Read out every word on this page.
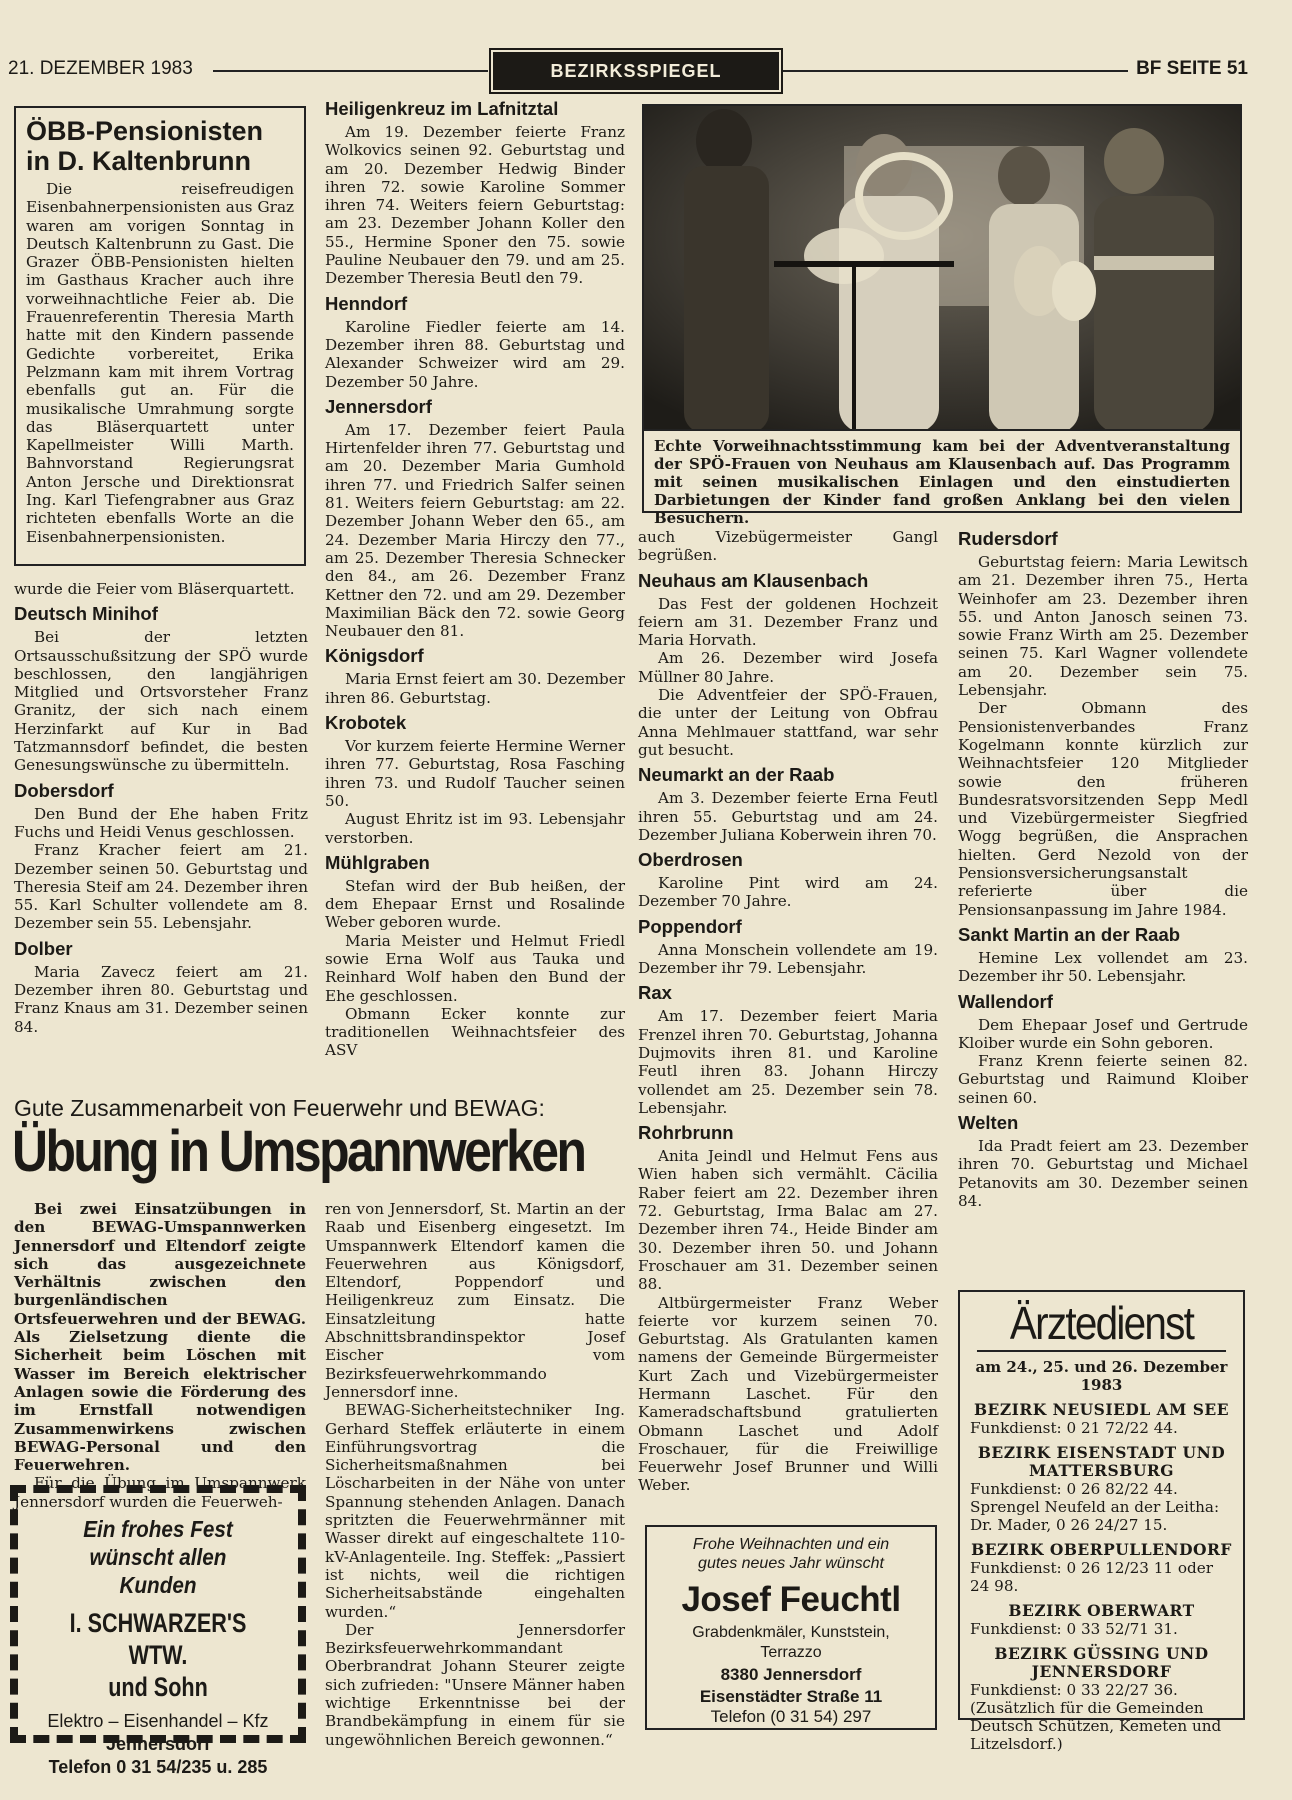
21. DEZEMBER 1983	BEZIRKSSPIEGEL	BF SEITE 51
ÖBB-Pensionisten in D. Kaltenbrunn

Die reisefreudigen Eisenbahnerpensionisten aus Graz waren am vorigen Sonntag in Deutsch Kaltenbrunn zu Gast. Die Grazer ÖBB-Pensionisten hielten im Gasthaus Kracher auch ihre vorweihnachtliche Feier ab. Die Frauenreferentin Theresia Marth hatte mit den Kindern passende Gedichte vorbereitet, Erika Pelzmann kam mit ihrem Vortrag ebenfalls gut an. Für die musikalische Umrahmung sorgte das Bläserquartett unter Kapellmeister Willi Marth. Bahnvorstand Regierungsrat Anton Jersche und Direktionsrat Ing. Karl Tiefengrabner aus Graz richteten ebenfalls Worte an die Eisenbahnerpensionisten.

wurde die Feier vom Bläserquartett.

Deutsch Minihof

Bei der letzten Ortsausschußsitzung der SPÖ wurde beschlossen, den langjährigen Mitglied und Ortsvorsteher Franz Granitz, der sich nach einem Herzinfarkt auf Kur in Bad Tatzmannsdorf befindet, die besten Genesungswünsche zu übermitteln.

Dobersdorf

Den Bund der Ehe haben Fritz Fuchs und Heidi Venus geschlossen.

Franz Kracher feiert am 21. Dezember seinen 50. Geburtstag und Theresia Steif am 24. Dezember ihren 55. Karl Schulter vollendete am 8. Dezember sein 55. Lebensjahr.

Dolber

Maria Zavecz feiert am 21. Dezember ihren 80. Geburtstag und Franz Knaus am 31. Dezember seinen 84.

Heiligenkreuz im Lafnitztal

Am 19. Dezember feierte Franz Wolkovics seinen 92. Geburtstag und am 20. Dezember Hedwig Binder ihren 72. sowie Karoline Sommer ihren 74. Weiters feiern Geburtstag: am 23. Dezember Johann Koller den 55., Hermine Sponer den 75. sowie Pauline Neubauer den 79. und am 25. Dezember Theresia Beutl den 79.

Henndorf

Karoline Fiedler feierte am 14. Dezember ihren 88. Geburtstag und Alexander Schweizer wird am 29. Dezember 50 Jahre.

Jennersdorf

Am 17. Dezember feiert Paula Hirtenfelder ihren 77. Geburtstag und am 20. Dezember Maria Gumhold ihren 77. und Friedrich Salfer seinen 81. Weiters feiern Geburtstag: am 22. Dezember Johann Weber den 65., am 24. Dezember Maria Hirczy den 77., am 25. Dezember Theresia Schnecker den 84., am 26. Dezember Franz Kettner den 72. und am 29. Dezember Maximilian Bäck den 72. sowie Georg Neubauer den 81.

Königsdorf

Maria Ernst feiert am 30. Dezember ihren 86. Geburtstag.

Krobotek

Vor kurzem feierte Hermine Werner ihren 77. Geburtstag, Rosa Fasching ihren 73. und Rudolf Taucher seinen 50.

August Ehritz ist im 93. Lebensjahr verstorben.

Mühlgraben

Stefan wird der Bub heißen, der dem Ehepaar Ernst und Rosalinde Weber geboren wurde.

Maria Meister und Helmut Friedl sowie Erna Wolf aus Tauka und Reinhard Wolf haben den Bund der Ehe geschlossen.

Obmann Ecker konnte zur traditionellen Weihnachtsfeier des ASV

Echte Vorweihnachtsstimmung kam bei der Adventveranstaltung der SPÖ-Frauen von Neuhaus am Klausenbach auf. Das Programm mit seinen musikalischen Einlagen und den einstudierten Darbietungen der Kinder fand großen Anklang bei den vielen Besuchern.

auch Vizebügermeister Gangl begrüßen.

Neuhaus am Klausenbach

Das Fest der goldenen Hochzeit feiern am 31. Dezember Franz und Maria Horvath.

Am 26. Dezember wird Josefa Müllner 80 Jahre.

Die Adventfeier der SPÖ-Frauen, die unter der Leitung von Obfrau Anna Mehlmauer stattfand, war sehr gut besucht.

Neumarkt an der Raab

Am 3. Dezember feierte Erna Feutl ihren 55. Geburtstag und am 24. Dezember Juliana Koberwein ihren 70.

Oberdrosen

Karoline Pint wird am 24. Dezember 70 Jahre.

Poppendorf

Anna Monschein vollendete am 19. Dezember ihr 79. Lebensjahr.

Rax

Am 17. Dezember feiert Maria Frenzel ihren 70. Geburtstag, Johanna Dujmovits ihren 81. und Karoline Feutl ihren 83. Johann Hirczy vollendet am 25. Dezember sein 78. Lebensjahr.

Rohrbrunn

Anita Jeindl und Helmut Fens aus Wien haben sich vermählt. Cäcilia Raber feiert am 22. Dezember ihren 72. Geburtstag, Irma Balac am 27. Dezember ihren 74., Heide Binder am 30. Dezember ihren 50. und Johann Froschauer am 31. Dezember seinen 88.

Altbürgermeister Franz Weber feierte vor kurzem seinen 70. Geburtstag. Als Gratulanten kamen namens der Gemeinde Bürgermeister Kurt Zach und Vizebürgermeister Hermann Laschet. Für den Kameradschaftsbund gratulierten Obmann Laschet und Adolf Froschauer, für die Freiwillige Feuerwehr Josef Brunner und Willi Weber.

Rudersdorf

Geburtstag feiern: Maria Lewitsch am 21. Dezember ihren 75., Herta Weinhofer am 23. Dezember ihren 55. und Anton Janosch seinen 73. sowie Franz Wirth am 25. Dezember seinen 75. Karl Wagner vollendete am 20. Dezember sein 75. Lebensjahr.

Der Obmann des Pensionistenverbandes Franz Kogelmann konnte kürzlich zur Weihnachtsfeier 120 Mitglieder sowie den früheren Bundesratsvorsitzenden Sepp Medl und Vizebürgermeister Siegfried Wogg begrüßen, die Ansprachen hielten. Gerd Nezold von der Pensionsversicherungsanstalt referierte über die Pensionsanpassung im Jahre 1984.

Sankt Martin an der Raab

Hemine Lex vollendet am 23. Dezember ihr 50. Lebensjahr.

Wallendorf

Dem Ehepaar Josef und Gertrude Kloiber wurde ein Sohn geboren.

Franz Krenn feierte seinen 82. Geburtstag und Raimund Kloiber seinen 60.

Welten

Ida Pradt feiert am 23. Dezember ihren 70. Geburtstag und Michael Petanovits am 30. Dezember seinen 84.

Gute Zusammenarbeit von Feuerwehr und BEWAG:
Übung in Umspannwerken

Bei zwei Einsatzübungen in den BEWAG-Umspannwerken Jennersdorf und Eltendorf zeigte sich das ausgezeichnete Verhältnis zwischen den burgenländischen Ortsfeuerwehren und der BEWAG. Als Zielsetzung diente die Sicherheit beim Löschen mit Wasser im Bereich elektrischer Anlagen sowie die Förderung des im Ernstfall notwendigen Zusammenwirkens zwischen BEWAG-Personal und den Feuerwehren.

Für die Übung im Umspannwerk Jennersdorf wurden die Feuerweh-

ren von Jennersdorf, St. Martin an der Raab und Eisenberg eingesetzt. Im Umspannwerk Eltendorf kamen die Feuerwehren aus Königsdorf, Eltendorf, Poppendorf und Heiligenkreuz zum Einsatz. Die Einsatzleitung hatte Abschnittsbrandinspektor Josef Eischer vom Bezirksfeuerwehrkommando Jennersdorf inne.

BEWAG-Sicherheitstechniker Ing. Gerhard Steffek erläuterte in einem Einführungsvortrag die Sicherheitsmaßnahmen bei Löscharbeiten in der Nähe von unter Spannung stehenden Anlagen. Danach spritzten die Feuerwehrmänner mit Wasser direkt auf eingeschaltete 110-kV-Anlagenteile. Ing. Steffek: „Passiert ist nichts, weil die richtigen Sicherheitsabstände eingehalten wurden.“

Der Jennersdorfer Bezirksfeuerwehrkommandant Oberbrandrat Johann Steurer zeigte sich zufrieden: "Unsere Männer haben wichtige Erkenntnisse bei der Brandbekämpfung in einem für sie ungewöhnlichen Bereich gewonnen.“

Ein frohes Fest
wünscht allen Kunden
I. SCHWARZER'S WTW.
und Sohn
Elektro – Eisenhandel – Kfz
Jennersdorf
Telefon 0 31 54/235 u. 285
Frohe Weihnachten und ein
gutes neues Jahr wünscht
Josef Feuchtl
Grabdenkmäler, Kunststein,
Terrazzo
8380 Jennersdorf
Eisenstädter Straße 11
Telefon (0 31 54) 297
Ärztedienst
am 24., 25. und 26. Dezember 1983
BEZIRK NEUSIEDL AM SEE
Funkdienst: 0 21 72/22 44.
BEZIRK EISENSTADT UND MATTERSBURG
Funkdienst: 0 26 82/22 44.
Sprengel Neufeld an der Leitha: Dr. Mader, 0 26 24/27 15.
BEZIRK OBERPULLENDORF
Funkdienst: 0 26 12/23 11 oder 24 98.
BEZIRK OBERWART
Funkdienst: 0 33 52/71 31.
BEZIRK GÜSSING UND JENNERSDORF
Funkdienst: 0 33 22/27 36.
(Zusätzlich für die Gemeinden Deutsch Schützen, Kemeten und Litzelsdorf.)
